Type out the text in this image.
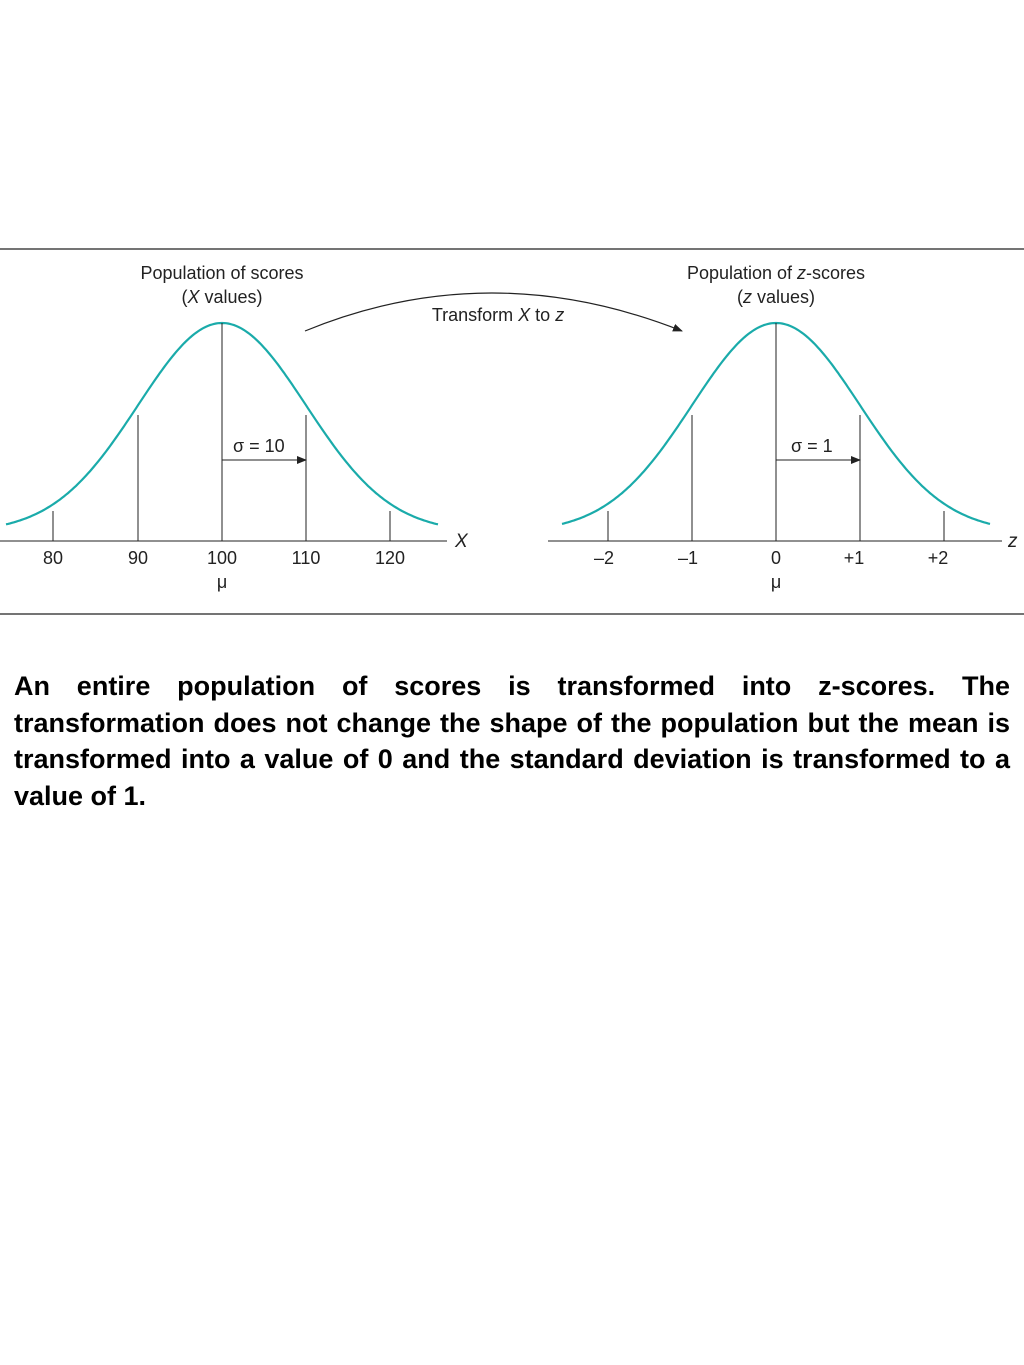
Transform X to z
Population of scores
(X values)
X
σ = 10
80	90	100	110	120
μ
Population of z-scores
(z values)
z
σ = 1
–2	–1	0	+1	+2
μ

An entire population of scores is transformed into z-scores. The transformation does not change the shape of the population but the mean is transformed into a value of 0 and the standard deviation is transformed to a value of 1.
